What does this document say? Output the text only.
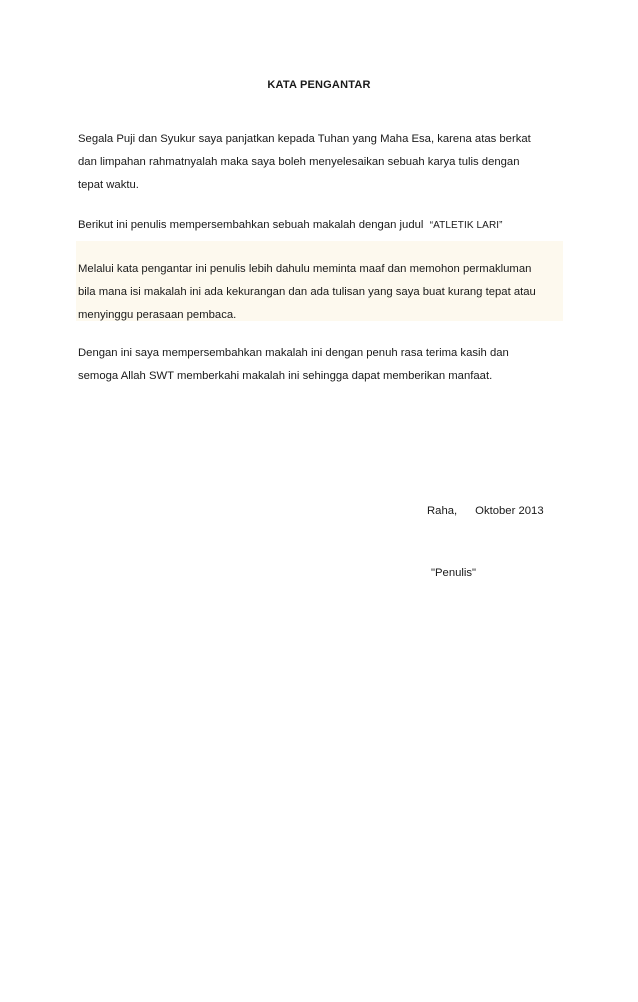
KATA PENGANTAR

Segala Puji dan Syukur saya panjatkan kepada Tuhan yang Maha Esa, karena atas berkat
dan limpahan rahmatnyalah maka saya boleh menyelesaikan sebuah karya tulis dengan
tepat waktu.

Berikut ini penulis mempersembahkan sebuah makalah dengan judul “ATLETIK LARI”

Melalui kata pengantar ini penulis lebih dahulu meminta maaf dan memohon permakluman
bila mana isi makalah ini ada kekurangan dan ada tulisan yang saya buat kurang tepat atau
menyinggu perasaan pembaca.

Dengan ini saya mempersembahkan makalah ini dengan penuh rasa terima kasih dan
semoga Allah SWT memberkahi makalah ini sehingga dapat memberikan manfaat.

Raha, Oktober 2013
"Penulis"
